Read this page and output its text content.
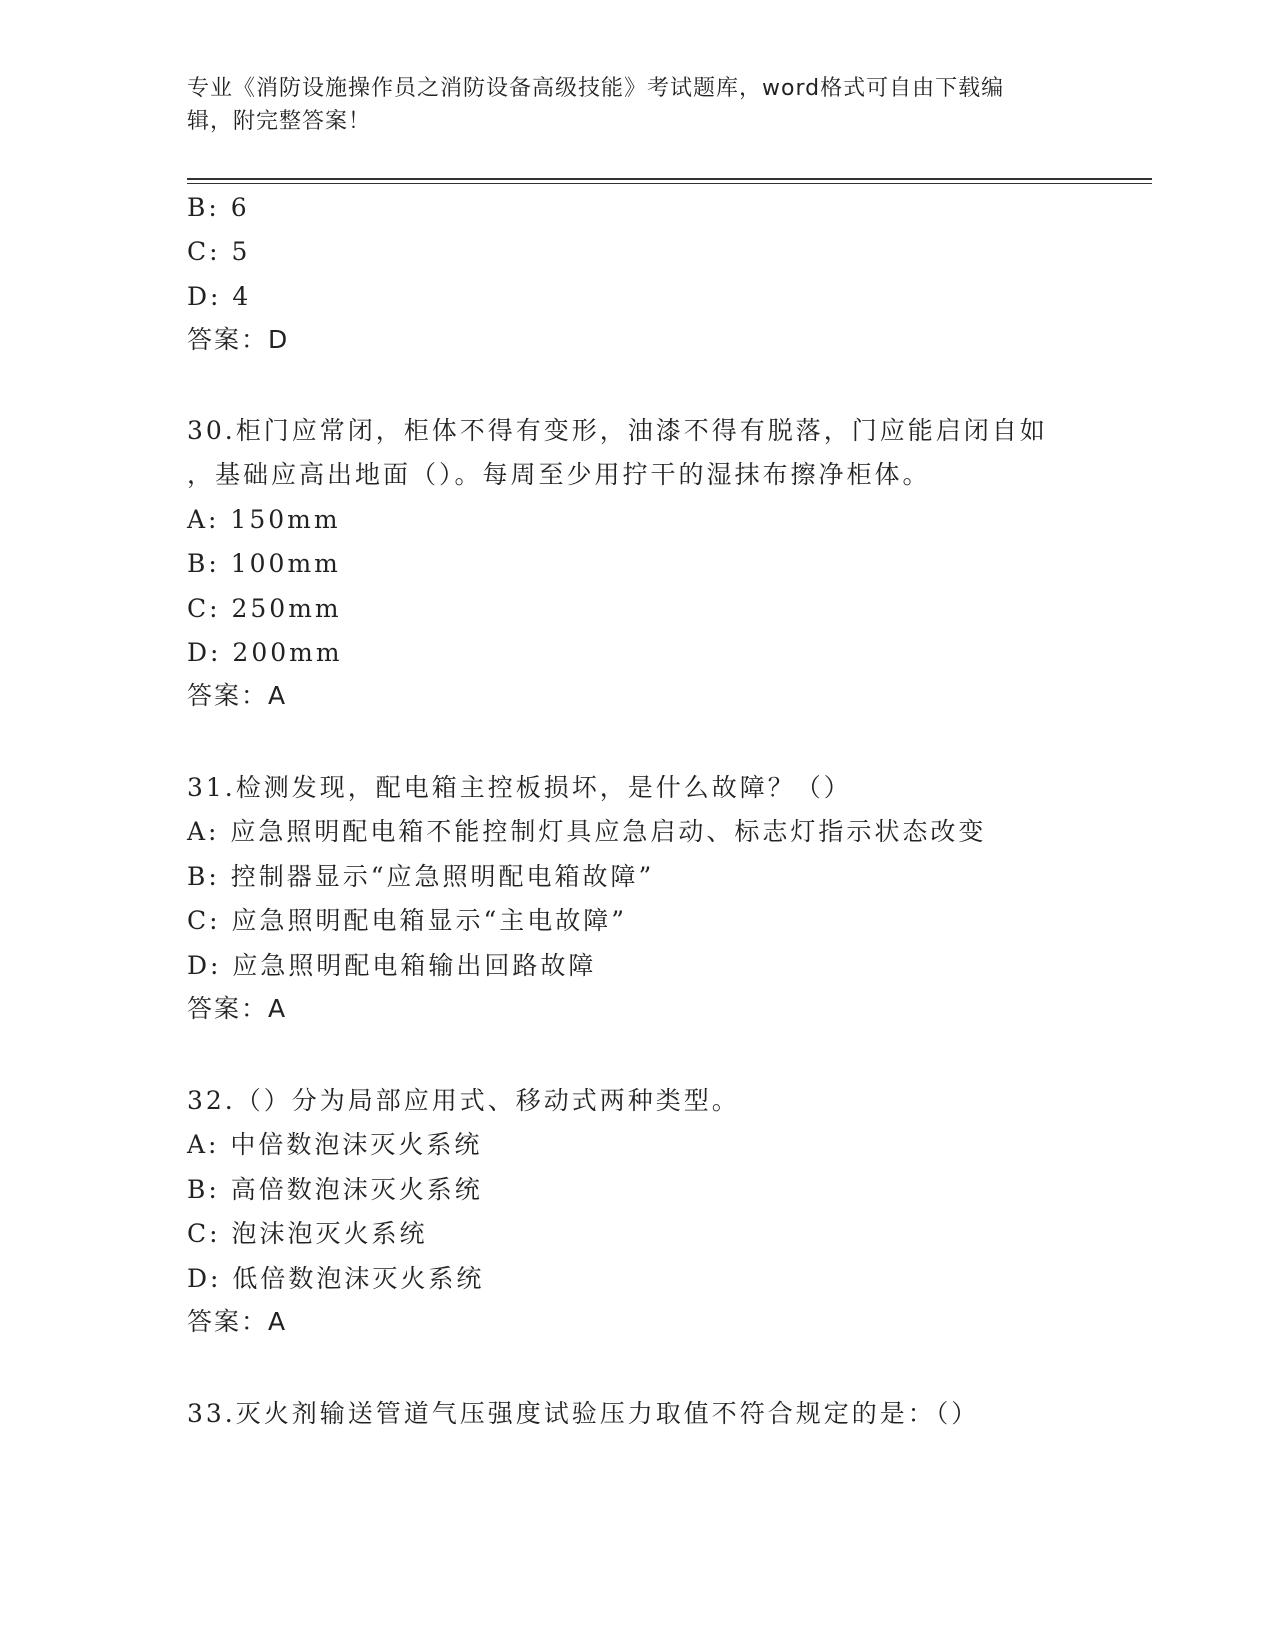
专业《消防设施操作员之消防设备高级技能》考试题库，word格式可自由下载编
辑，附完整答案！
B: 6
C: 5
D: 4
答案：D
30.柜门应常闭，柜体不得有变形，油漆不得有脱落，门应能启闭自如
，基础应高出地面（）。每周至少用拧干的湿抹布擦净柜体。
A: 150mm
B: 100mm
C: 250mm
D: 200mm
答案：A
31.检测发现，配电箱主控板损坏，是什么故障？（）
A: 应急照明配电箱不能控制灯具应急启动、标志灯指示状态改变
B: 控制器显示“应急照明配电箱故障”
C: 应急照明配电箱显示“主电故障”
D: 应急照明配电箱输出回路故障
答案：A
32.（）分为局部应用式、移动式两种类型。
A: 中倍数泡沫灭火系统
B: 高倍数泡沫灭火系统
C: 泡沫泡灭火系统
D: 低倍数泡沫灭火系统
答案：A
33.灭火剂输送管道气压强度试验压力取值不符合规定的是：（）
